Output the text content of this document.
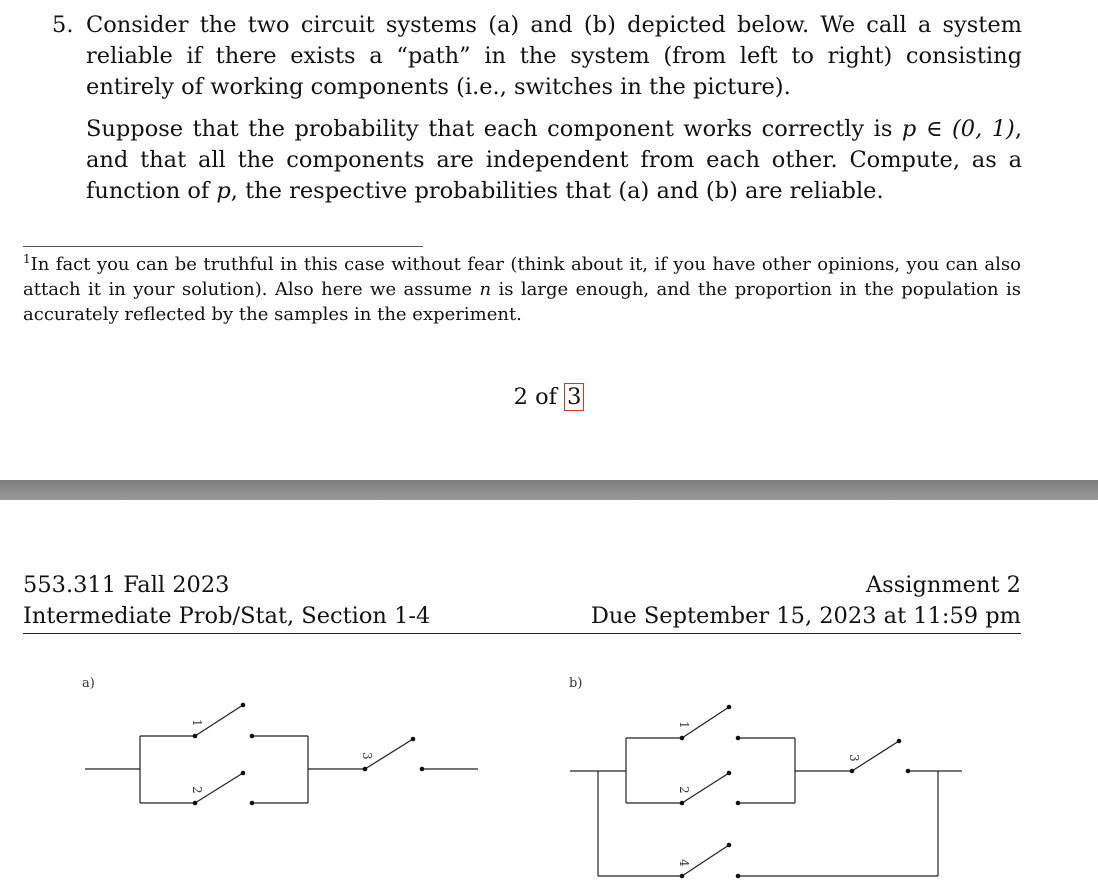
5. Consider the two circuit systems (a) and (b) depicted below. We call a system reliable if there exists a “path” in the system (from left to right) consisting entirely of working components (i.e., switches in the picture).
Suppose that the probability that each component works correctly is p ∈ (0, 1), and that all the components are independent from each other. Compute, as a function of p, the respective probabilities that (a) and (b) are reliable.
$^1$In fact you can be truthful in this case without fear (think about it, if you have other opinions, you can also attach it in your solution). Also here we assume n is large enough, and the proportion in the population is accurately reflected by the samples in the experiment.
2 of 3
553.311 Fall 2023
Intermediate Prob/Stat, Section 1-4
Assignment 2
Due September 15, 2023 at 11:59 pm
a)	b)
1
2
3
1
2
3
4
